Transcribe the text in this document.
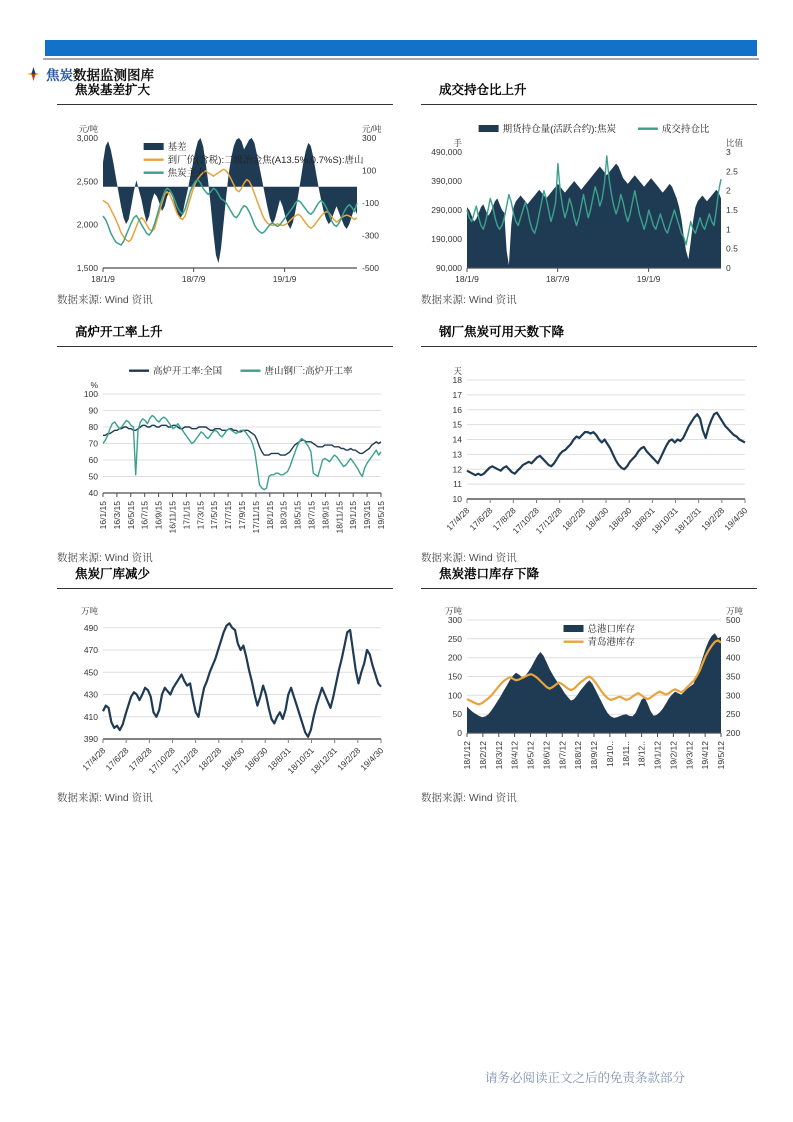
焦炭 数据监测图库
焦炭基差扩大	成交持仓比上升
18/1/9	18/7/9	19/1/9
3,000
2,500
2,000
1,500
300
100
-100
-300
-500
元/吨	元/吨
基差
到厂价(含税):二级冶金焦(A13.5%,0.7%S):唐山
焦炭主力
18/1/9	18/7/9	19/1/9
490,000
390,000
290,000
190,000
90,000
3
2.5
2
1.5
1
0.5
0
手	比值
期货持仓量(活跃合约):焦炭	成交持仓比
数据来源: Wind 资讯	数据来源: Wind 资讯
高炉开工率上升	钢厂焦炭可用天数下降
16/1/15 16/3/15 16/5/15 16/7/15 16/9/15 16/11/15 17/1/15 17/3/15 17/5/15 17/7/15 17/9/15 17/11/15 18/1/15 18/3/15 18/5/15 18/7/15 18/9/15 18/11/15 19/1/15 19/3/15 19/5/15
100
90
80
70
60
50
40
%
高炉开工率:全国	唐山钢厂:高炉开工率
17/4/28
17/6/28
17/8/28
17/10/28
17/12/28
18/2/28
18/4/30
18/6/30
18/8/31
18/10/31
18/12/31
19/2/28
19/4/30
18
17
16
15
14
13
12
11
10
天
数据来源: Wind 资讯	数据来源: Wind 资讯
焦炭厂库减少	焦炭港口库存下降
17/4/28
17/6/28
17/8/28
17/10/28
17/12/28
18/2/28
18/4/30
18/6/30
18/8/31
18/10/31
18/12/31
19/2/28
19/4/30
490
470
450
430
410
390
万吨
18/1/12 18/2/12 18/3/12 18/4/12 18/5/12 18/6/12 18/7/12 18/8/12 18/9/12 18/10.. 18/11.. 18/12.. 19/1/12 19/2/12 19/3/12 19/4/12 19/5/12
300
250
200
150
100
50
0
500
450
400
350
300
250
200
万吨	万吨
总港口库存
青岛港库存
数据来源: Wind 资讯	数据来源: Wind 资讯
请务必阅读正文之后的免责条款部分
